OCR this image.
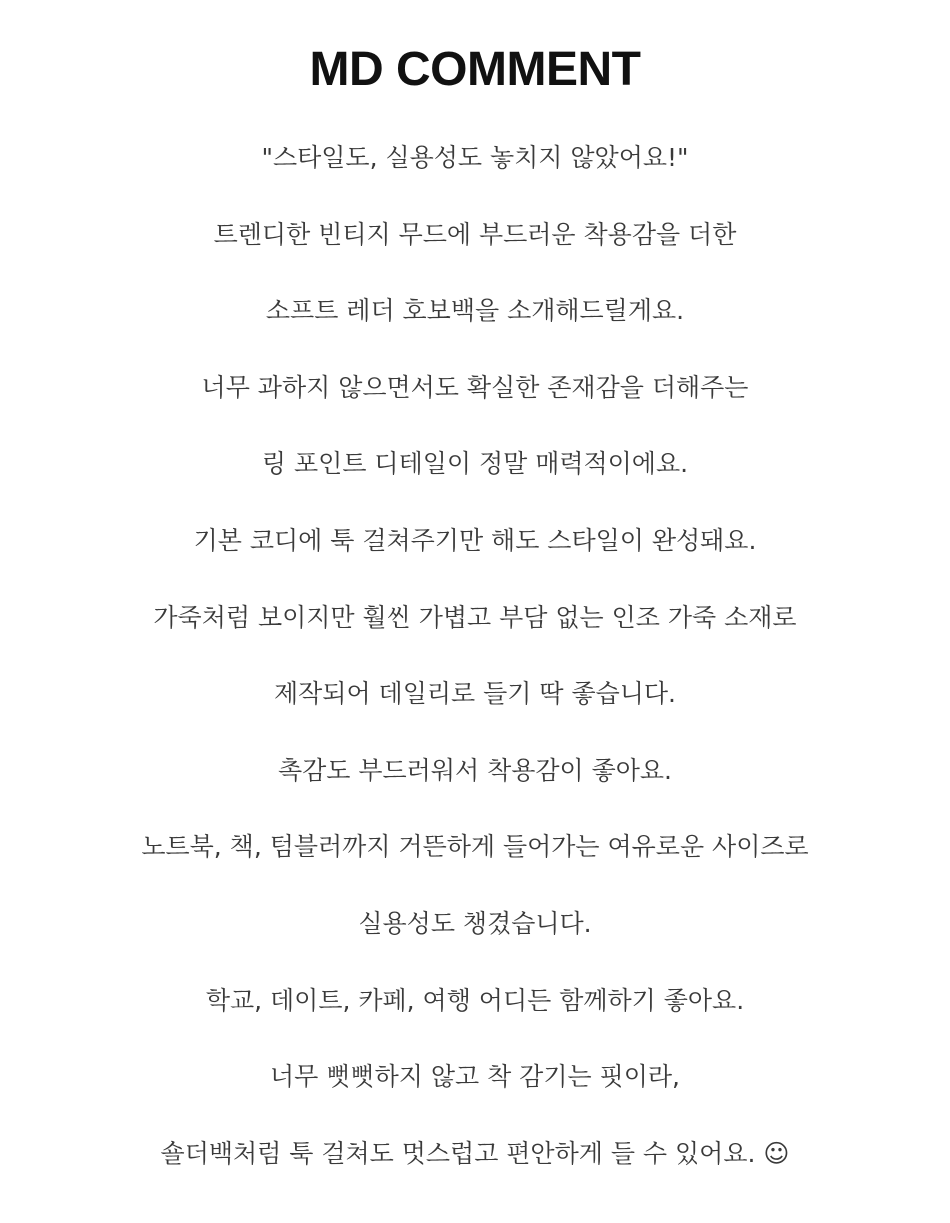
MD COMMENT
"스타일도, 실용성도 놓치지 않았어요!"
트렌디한 빈티지 무드에 부드러운 착용감을 더한
소프트 레더 호보백을 소개해드릴게요.
너무 과하지 않으면서도 확실한 존재감을 더해주는
링 포인트 디테일이 정말 매력적이에요.
기본 코디에 툭 걸쳐주기만 해도 스타일이 완성돼요.
가죽처럼 보이지만 훨씬 가볍고 부담 없는 인조 가죽 소재로
제작되어 데일리로 들기 딱 좋습니다.
촉감도 부드러워서 착용감이 좋아요.
노트북, 책, 텀블러까지 거뜬하게 들어가는 여유로운 사이즈로
실용성도 챙겼습니다.
학교, 데이트, 카페, 여행 어디든 함께하기 좋아요.
너무 뻣뻣하지 않고 착 감기는 핏이라,
숄더백처럼 툭 걸쳐도 멋스럽고 편안하게 들 수 있어요. ☺
